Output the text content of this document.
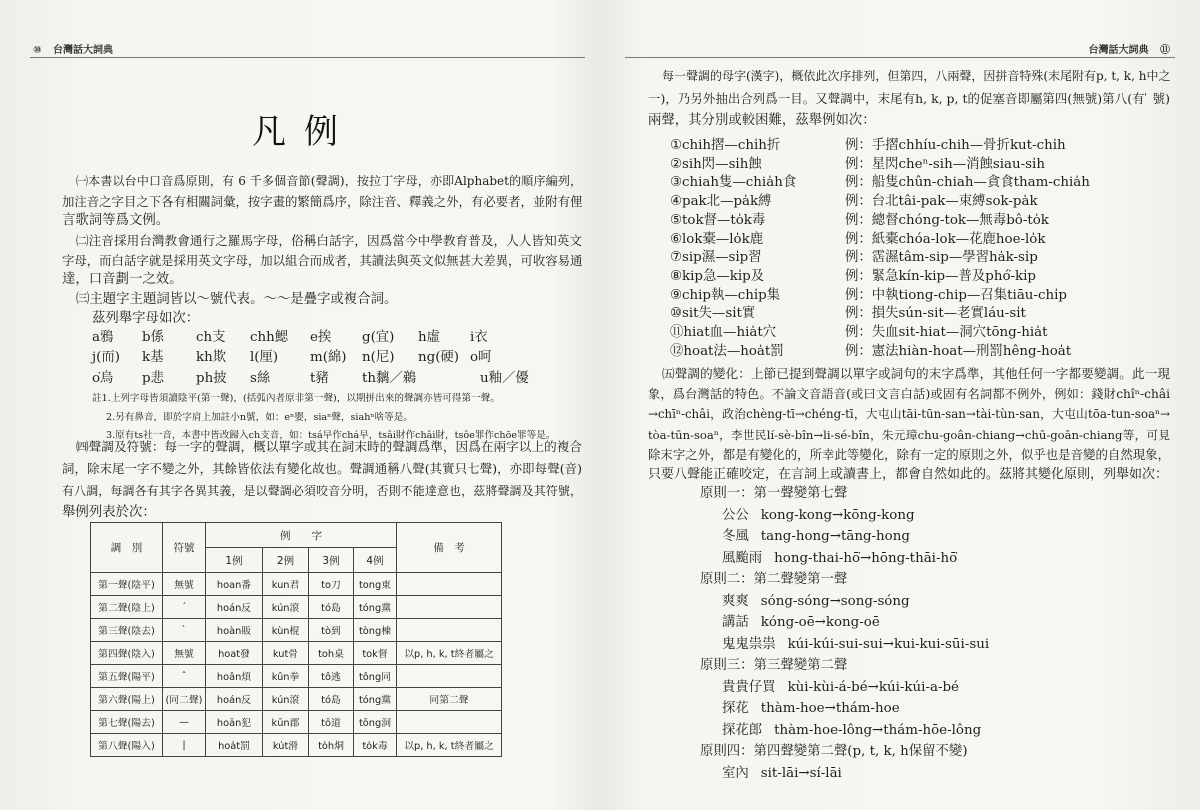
⑩ 台灣話大詞典
凡例
㈠本書以台中口音爲原則，有 6 千多個音節(聲調)，按拉丁字母，亦即Alphabet的順序編列，
加注音之字目之下各有相關詞彙，按字畫的繁簡爲序，除注音、釋義之外，有必要者，並附有俚
言歌詞等爲文例。
㈡注音採用台灣教會通行之羅馬字母，俗稱白話字，因爲當今中學教育普及，人人皆知英文
字母，而白話字就是採用英文字母，加以組合而成者，其讀法與英文似無甚大差異，可收容易通
達，口音劃一之效。
㈢主題字主題詞皆以～號代表。～～是疊字或複合詞。
茲列舉字母如次：
a鴉 b係 ch支 chh鰓 e挨 g(宜) h虛 i衣
j(而) k基 kh欺 l(厘) m(綿) n(尼) ng(硬) o呵
o͘烏 p悲 ph披 s絲	t豬 th黐／鵜	u釉／優
註1.上列字母皆須讀陰平(第一聲)，(括弧內者原非第一聲)，以期拼出來的聲調亦皆可得第一聲。
2.另有鼻音，即於字肩上加註小n號，如：eⁿ嬰，siaⁿ聲，siahⁿ啥等是。
3.原有ts社一音，本書中皆改歸入ch支音，如：tsá早作chá早，tsâi財作châi財，tsôe罪作chōe罪等是。
㈣聲調及符號：每一字的聲調，概以單字或其在詞末時的聲調爲準，因爲在兩字以上的複合
詞，除末尾一字不變之外，其餘皆依法有變化故也。聲調通稱八聲(其實只七聲)，亦即每聲(音)
有八調，每調各有其字各異其義，是以聲調必須咬音分明，否則不能達意也，茲將聲調及其符號，
舉例列表於次：
調　別	符號	例　　字				備　考
		1例	2例	3例	4例	
第一聲(陰平)	無號	hoan番	kun君	to刀	tong東	
第二聲(陰上)	ˊ	hoán反	kún滾	tó島	tóng黨	
第三聲(陰去)	ˋ	hoàn販	kùn棍	tò到	tòng棟	
第四聲(陰入)	無號	hoat發	kut骨	toh桌	tok督	以p, h, k, t終者屬之
第五聲(陽平)	ˆ	hoân煩	kûn拳	tô逃	tông同	
第六聲(陽上)	(同二聲)	hoán反	kún滾	tó島	tóng黨	同第二聲
第七聲(陽去)	—	hoān犯	kūn郡	tō道	tōng洞	
第八聲(陽入)	|	hoa̍t罰	ku̍t滑	to̍h烔	to̍k毒	以p, h, k, t終者屬之
台灣話大詞典 ⑪
每一聲調的母字(漢字)，概依此次序排列，但第四，八兩聲，因拼音特殊(末尾附有p, t, k, h中之
一)，乃另外抽出合列爲一目。又聲調中，末尾有h, k, p, t的促塞音即屬第四(無號)第八(有 ̍ 號)
兩聲，其分別或較困難，茲舉例如次：
①chih摺—chi̍h折	例：手摺chhíu-chih—骨折kut-chi̍h
②sih閃—si̍h蝕	例：星閃cheⁿ-sih—消蝕siau-si̍h
③chiah隻—chia̍h食	例：船隻chûn-chiah—貪食tham-chia̍h
④pak北—pa̍k縛	例：台北tâi-pak—束縛sok-pa̍k
⑤tok督—to̍k毒	例：總督chóng-tok—無毒bô-to̍k
⑥lok橐—lo̍k鹿	例：紙橐chóa-lok—花鹿hoe-lo̍k
⑦sip濕—si̍p習	例：霑濕tâm-sip—學習ha̍k-si̍p
⑧kip急—ki̍p及	例：緊急kín-kip—普及phó͘-ki̍p
⑨chip執—chi̍p集	例：中執tiong-chip—召集tiāu-chi̍p
⑩sit失—si̍t實	例：損失sún-sit—老實láu-si̍t
⑪hiat血—hia̍t穴	例：失血sit-hiat—洞穴tōng-hia̍t
⑫hoat法—hoa̍t罰	例：憲法hiàn-hoat—刑罰hêng-hoa̍t
㈤聲調的變化：上節已提到聲調以單字或詞句的末字爲準，其他任何一字都要變調。此一現
象，爲台灣話的特色。不論文音語音(或曰文言白話)或固有名詞都不例外，例如：錢財chîⁿ-châi
→chīⁿ-châi，政治chèng-tī→chéng-tī，大屯山tāi-tūn-san→tài-tùn-san，大屯山tōa-tun-soaⁿ→
tòa-tūn-soaⁿ，李世民lí-sè-bîn→li-sé-bîn，朱元璋chu-goân-chiang→chū-goān-chiang等，可見
除末字之外，都是有變化的，所幸此等變化，除有一定的原則之外，似乎也是音變的自然現象，
只要八聲能正確咬定，在言詞上或讀書上，都會自然如此的。茲將其變化原則，列舉如次：
原則一：第一聲變第七聲
公公 kong-kong→kōng-kong
冬風 tang-hong→tāng-hong
風颱雨 hong-thai-hō͘→hōng-thāi-hō͘
原則二：第二聲變第一聲
爽爽 sóng-sóng→song-sóng
講話 kóng-oē→kong-oē
鬼鬼祟祟 kúi-kúi-sui-sui→kui-kui-sūi-sui
原則三：第三聲變第二聲
貴貴仔買 kùi-kùi-á-bé→kúi-kúi-a-bé
探花 thàm-hoe→thám-hoe
探花郎 thàm-hoe-lông→thám-hōe-lông
原則四：第四聲變第二聲(p, t, k, h保留不變)
室內 sit-lāi→sí-lāi
